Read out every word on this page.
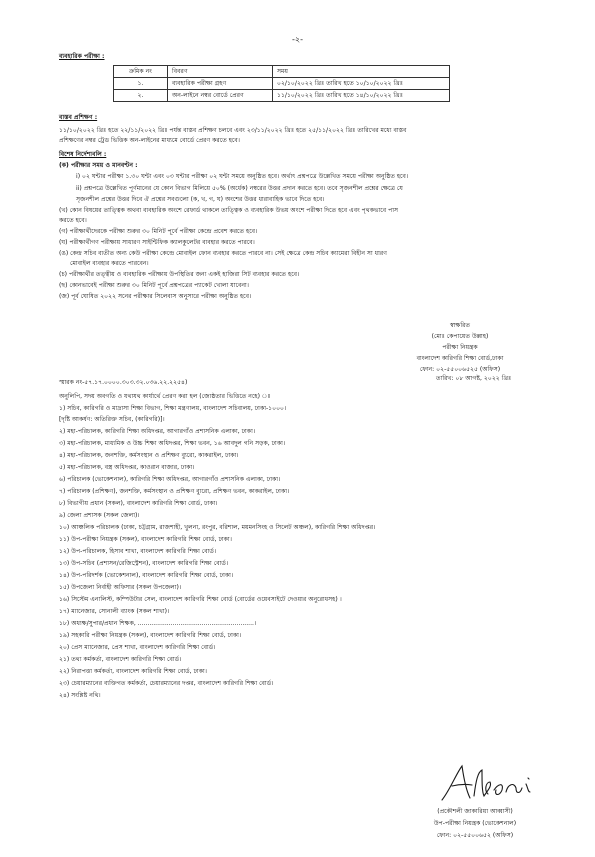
-২-
ব্যবহারিক পরীক্ষা :
ক্রমিক নং	বিবরণ	সময়
১.	ব্যবহারিক পরীক্ষা গ্রহণ	০২/১০/২০২২ খ্রিঃ তারিখ হতে ১০/১০/২০২২ খ্রিঃ
২.	অন-লাইনে নম্বর বোর্ডে প্রেরণ	১১/১০/২০২২ খ্রিঃ তারিখ হতে ১৪/১০/২০২২ খ্রিঃ
বাস্তব প্রশিক্ষণ :
১১/১০/২০২২ খ্রিঃ হতে ২২/১১/২০২২ খ্রিঃ পর্যন্ত বাস্তব প্রশিক্ষণ চলবে এবং ২৩/১১/২০২২ খ্রিঃ হতে ২৫/১১/২০২২ খ্রিঃ তারিখের মধ্যে বাস্তব
প্রশিক্ষণের নম্বর ট্রেড ভিত্তিক অন-লাইনের মাধ্যমে বোর্ডে প্রেরণ করতে হবে।
বিশেষ নির্দেশাবলি :
(ক) পরীক্ষার সময় ও মানবণ্টন :
i) ০২ ঘন্টার পরীক্ষা ১.৩০ ঘন্টা এবং ০৩ ঘন্টার পরীক্ষা ০২ ঘন্টা সময়ে অনুষ্ঠিত হবে। অর্থাৎ প্রশ্নপত্রে উল্লেখিত সময়ে পরীক্ষা অনুষ্ঠিত হবে।
ii) প্রশ্নপত্রে উল্লেখিত পূর্ণমানের যে কোন বিভাগ মিলিয়ে ৫০% (অর্ধেক) নম্বরের উত্তর প্রদান করতে হবে। তবে সৃজনশীল প্রশ্নের ক্ষেত্রে যে
সৃজনশীল প্রশ্নের উত্তর দিবে ঐ প্রশ্নের সবগুলো (ক, খ, গ, ঘ) অংশের উত্তর ধারাবাহিক ভাবে দিতে হবে।
(খ) কোন বিষয়ের তাত্ত্বিক অথবা ব্যবহারিক অংশে রেফার্ড থাকলে তাত্ত্বিক ও ব্যবহারিক উভয় অংশে পরীক্ষা দিতে হবে এবং পৃথকভাবে পাস
করতে হবে।
(গ) পরীক্ষার্থীদেরকে পরীক্ষা শুরুর ৩০ মিনিট পূর্বে পরীক্ষা কেন্দ্রে প্রবেশ করতে হবে।
(ঘ) পরীক্ষার্থীগণ পরীক্ষায় সাধারণ সাইন্টিফিক ক্যালকুলেটর ব্যবহার করতে পারবে।
(ঙ) কেন্দ্র সচিব ব্যতীত অন্য কেউ পরীক্ষা কেন্দ্রে মোবাইল ফোন ব্যবহার করতে পারবে না। সেই ক্ষেত্রে কেন্দ্র সচিব ক্যামেরা বিহীন সা ধারণ
মোবাইল ব্যবহার করতে পারবেন।
(চ) পরীক্ষার্থীর তত্ত্বীয় ও ব্যবহারিক পরীক্ষায় উপস্থিতির জন্য একই হাজিরা সিট ব্যবহার করতে হবে।
(ছ) কোনভাবেই পরীক্ষা শুরুর ৩০ মিনিট পূর্বে প্রশ্নপত্রের প্যাকেট খোলা যাবেনা।
(জ) পূর্ব ঘোষিত ২০২২ সনের পরীক্ষার সিলেবাস অনুসারে পরীক্ষা অনুষ্ঠিত হবে।
স্বাক্ষরিত
(মোঃ কেপায়েত উল্লাহ)
পরীক্ষা নিয়ন্ত্রক
বাংলাদেশ কারিগরি শিক্ষা বোর্ড,ঢাকা
ফোন: ০২-৫৫০০৬৫২৫ (অফিস)
স্মারক নং-৫৭.১৭.০০০০.৩০৩.৩২.০৩৬.২২.২২৫৪)
তারিখ: ০৮ আগষ্ট, ২০২২ খ্রিঃ
অনুলিপি, সদয় অবগতি ও যথাযথ কার্যার্থে প্রেরণ করা হল (জ্যেষ্ঠতার ভিত্তিতে নহে) ঃ
১) সচিব, কারিগরি ও মাদ্রাসা শিক্ষা বিভাগ, শিক্ষা মন্ত্রণালয়, বাংলাদেশ সচিবালয়, ঢাকা-১০০০।
[দৃষ্টি আকর্ষণ: অতিরিক্ত সচিব, (কারিগরি)]।
২) মহা-পরিচালক, কারিগরি শিক্ষা অধিদপ্তর, আগারগাঁও প্রশাসনিক এলাকা, ঢাকা।
৩) মহা-পরিচালক, মাধ্যমিক ও উচ্চ শিক্ষা অধিদপ্তর, শিক্ষা ভবন, ১৬ আবদুল গনি সড়ক, ঢাকা।
৪) মহা-পরিচালক, জনশক্তি, কর্মসংস্থান ও প্রশিক্ষণ ব্যুরো, কাকরাইল, ঢাকা।
৫) মহা-পরিচালক, বস্ত্র অধিদপ্তর, কাওরান বাজার, ঢাকা।
৬) পরিচালক (ভোকেশনাল), কারিগরি শিক্ষা অধিদপ্তর, আগারগাঁও প্রশাসনিক এলাকা, ঢাকা।
৭) পরিচালক (প্রশিক্ষণ), জনশক্তি, কর্মসংস্থান ও প্রশিক্ষণ ব্যুরো, প্রশিক্ষণ ভবন, কাকরাইল, ঢাকা।
৮) বিভাগীয় প্রধান (সকল), বাংলাদেশ কারিগরি শিক্ষা বোর্ড, ঢাকা।
৯) জেলা প্রশাসক (সকল জেলা)।
১০) আঞ্চলিক পরিচালক (ঢাকা, চট্টগ্রাম, রাজশাহী, খুলনা, রংপুর, বরিশাল, ময়মনসিংহ ও সিলেট অঞ্চল), কারিগরি শিক্ষা অধিদপ্তর।
১১) উপ-পরীক্ষা নিয়ন্ত্রক (সকল), বাংলাদেশ কারিগরি শিক্ষা বোর্ড, ঢাকা।
১২) উপ-পরিচালক, হিসাব শাখা, বাংলাদেশ কারিগরি শিক্ষা বোর্ড।
১৩) উপ-সচিব (প্রশাসন/রেজিস্ট্রেশন), বাংলাদেশ কারিগরি শিক্ষা বোর্ড।
১৪) উপ-পরিদর্শক (ভোকেশনাল), বাংলাদেশ কারিগরি শিক্ষা বোর্ড, ঢাকা।
১৫) উপজেলা নির্বাহী অফিসার (সকল উপজেলা)।
১৬) সিস্টেম এনালিস্ট, কম্পিউটার সেল, বাংলাদেশ কারিগরি শিক্ষা বোর্ড (বোর্ডের ওয়েবসাইটে দেওয়ার অনুরোধসহ) ।
১৭) ম্যানেজার, সোনালী ব্যাংক (সকল শাখা)।
১৮) অধ্যক্ষ/সুপার/প্রধান শিক্ষক, ............................................................।
১৯) সহকারি পরীক্ষা নিয়ন্ত্রক (সকল), বাংলাদেশ কারিগরি শিক্ষা বোর্ড, ঢাকা।
২০) প্রেস ম্যানেজার, প্রেস শাখা, বাংলাদেশ কারিগরি শিক্ষা বোর্ড।
২১) তথ্য কর্মকর্তা, বাংলাদেশ কারিগরি শিক্ষা বোর্ড।
২২) নিরাপত্তা কর্মকর্তা, বাংলাদেশ কারিগরি শিক্ষা বোর্ড, ঢাকা।
২৩) চেয়ারম্যানের ব্যক্তিগত কর্মকর্তা, চেয়ারম্যানের দপ্তর, বাংলাদেশ কারিগরি শিক্ষা বোর্ড।
২৪) সংশ্লিষ্ট নথি।
(প্রকৌশলী জাকারিয়া আব্বাসী)
উপ-পরীক্ষা নিয়ন্ত্রক (ভোকেশনাল)
ফোন: ০২-৫৫০০৬৫২ (অফিস)
